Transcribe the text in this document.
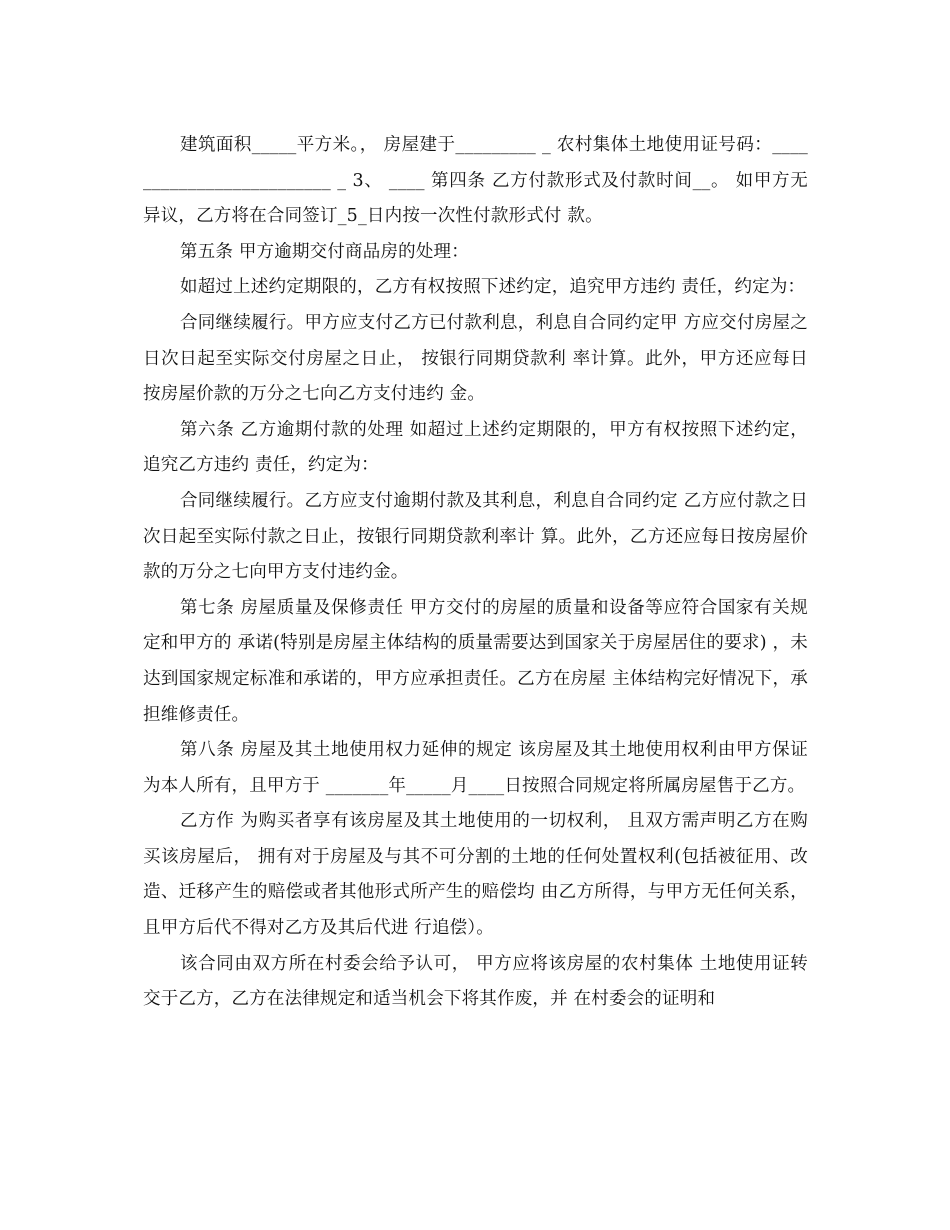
建筑面积_____平方米。， 房屋建于_________ _ 农村集体土地使用证号码：_________________________ _ 3、 ____ 第四条 乙方付款形式及付款时间__。 如甲方无异议，乙方将在合同签订_5_日内按一次性付款形式付 款。

第五条 甲方逾期交付商品房的处理：

如超过上述约定期限的，乙方有权按照下述约定，追究甲方违约 责任，约定为：

合同继续履行。甲方应支付乙方已付款利息，利息自合同约定甲 方应交付房屋之日次日起至实际交付房屋之日止， 按银行同期贷款利 率计算。此外，甲方还应每日按房屋价款的万分之七向乙方支付违约 金。

第六条 乙方逾期付款的处理 如超过上述约定期限的，甲方有权按照下述约定，追究乙方违约 责任，约定为：

合同继续履行。乙方应支付逾期付款及其利息，利息自合同约定 乙方应付款之日次日起至实际付款之日止，按银行同期贷款利率计 算。此外，乙方还应每日按房屋价款的万分之七向甲方支付违约金。

第七条 房屋质量及保修责任 甲方交付的房屋的质量和设备等应符合国家有关规定和甲方的 承诺(特别是房屋主体结构的质量需要达到国家关于房屋居住的要求) ，未达到国家规定标准和承诺的，甲方应承担责任。乙方在房屋 主体结构完好情况下，承担维修责任。

第八条 房屋及其土地使用权力延伸的规定 该房屋及其土地使用权利由甲方保证为本人所有，且甲方于 _______年_____月____日按照合同规定将所属房屋售于乙方。

乙方作 为购买者享有该房屋及其土地使用的一切权利， 且双方需声明乙方在购买该房屋后， 拥有对于房屋及与其不可分割的土地的任何处置权利(包括被征用、改造、迁移产生的赔偿或者其他形式所产生的赔偿均 由乙方所得，与甲方无任何关系，且甲方后代不得对乙方及其后代进 行追偿）。

该合同由双方所在村委会给予认可， 甲方应将该房屋的农村集体 土地使用证转交于乙方，乙方在法律规定和适当机会下将其作废，并 在村委会的证明和
